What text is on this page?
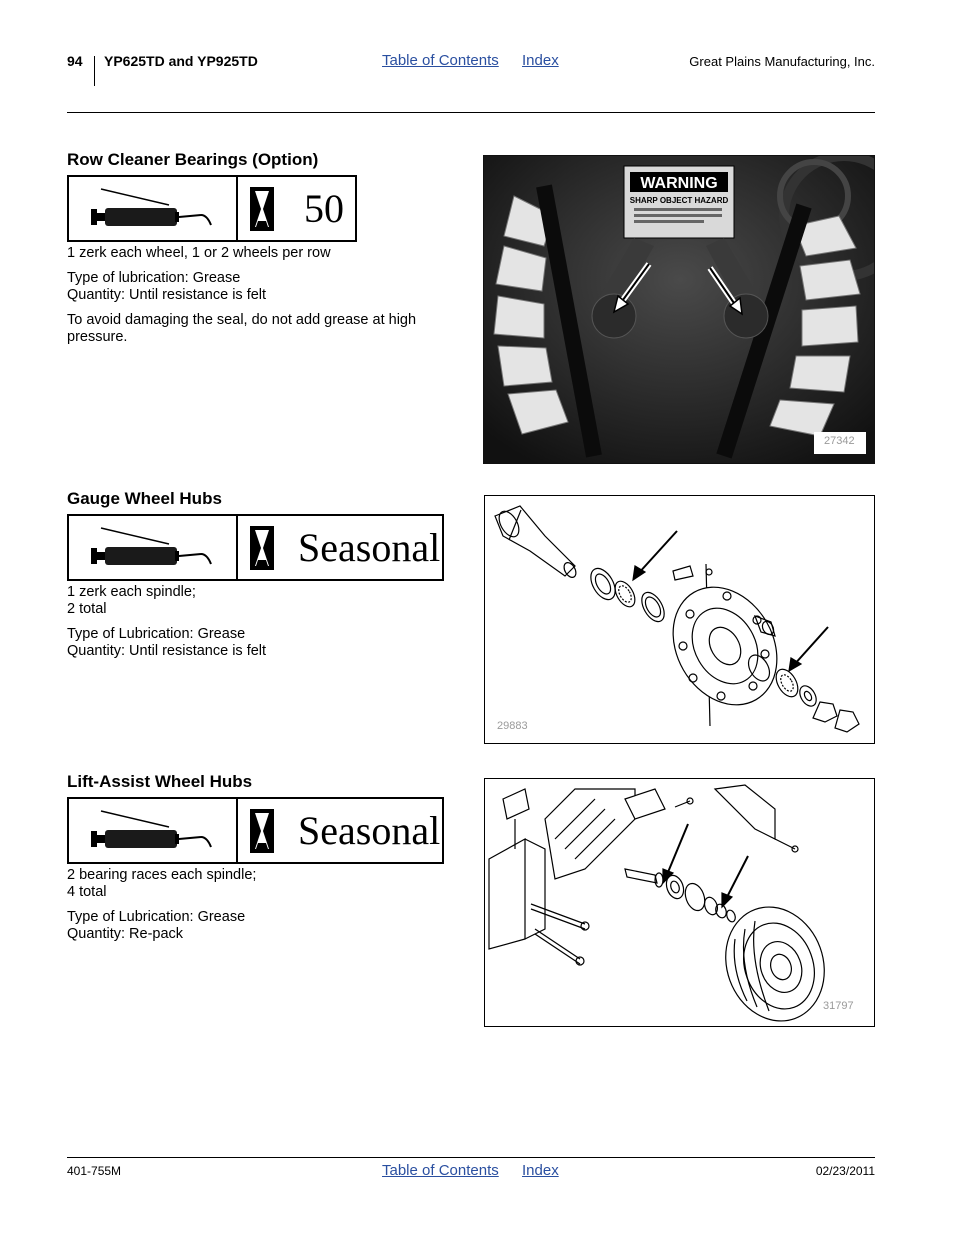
94 YP625TD and YP925TD	Table of Contents Index	Great Plains Manufacturing, Inc.
Row Cleaner Bearings (Option)
50
1 zerk each wheel, 1 or 2 wheels per row
Type of lubrication: Grease
Quantity: Until resistance is felt
To avoid damaging the seal, do not add grease at high
pressure.
WARNING
SHARP OBJECT HAZARD
27342
Gauge Wheel Hubs
Seasonal
1 zerk each spindle;
2 total
Type of Lubrication: Grease
Quantity: Until resistance is felt
29883
Lift-Assist Wheel Hubs
Seasonal
2 bearing races each spindle;
4 total
Type of Lubrication: Grease
Quantity: Re-pack
31797
401-755M	Table of Contents Index	02/23/2011
